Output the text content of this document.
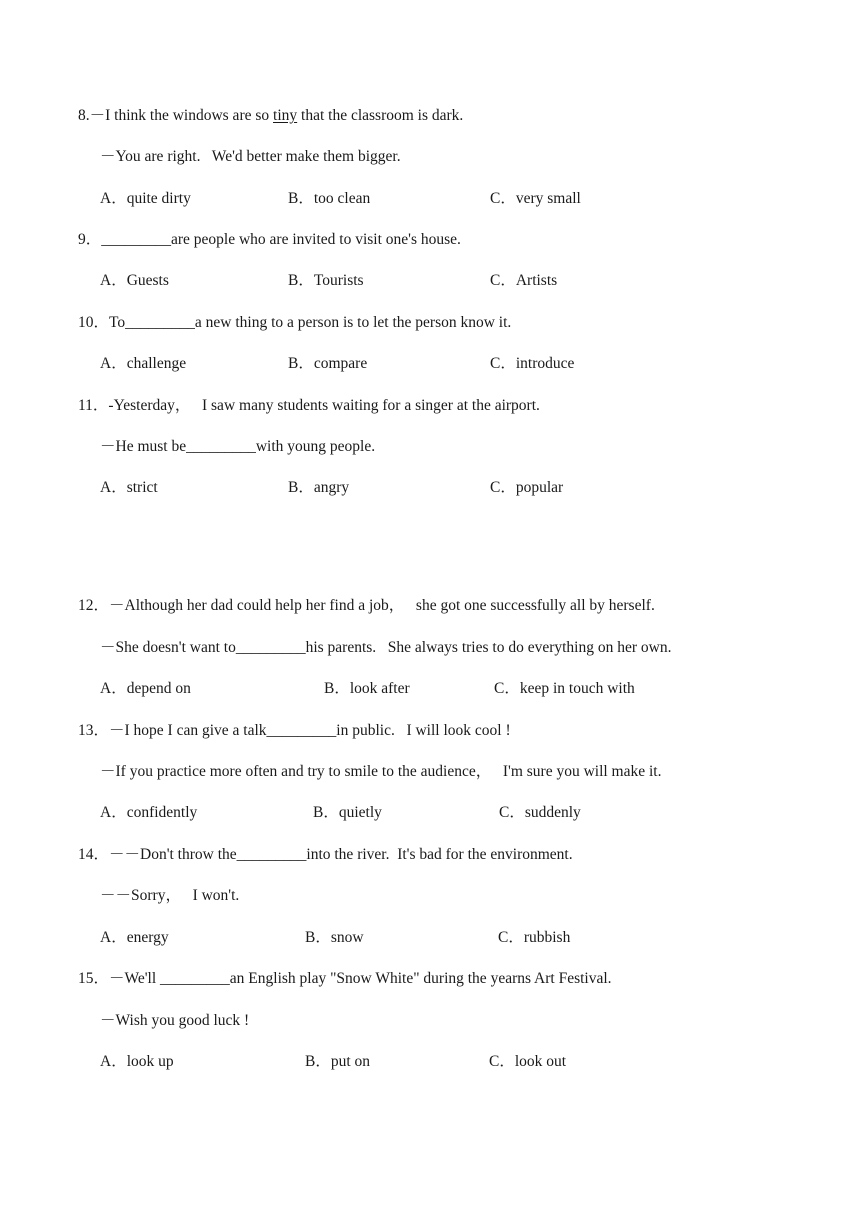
8.－I think the windows are so tiny that the classroom is dark.
－You are right.   We'd better make them bigger.
A．quite dirty	B．too clean	C．very small
9．_________are people who are invited to visit one's house.
A．Guests	B．Tourists	C．Artists
10．To_________a new thing to a person is to let the person know it.
A．challenge	B．compare	C．introduce
11．-Yesterday，   I saw many students waiting for a singer at the airport.
－He must be_________with young people.
A．strict	B．angry	C．popular
12．－Although her dad could help her find a job，   she got one successfully all by herself.
－She doesn't want to_________his parents.   She always tries to do everything on her own.
A．depend on	B．look after	C．keep in touch with
13．－I hope I can give a talk_________in public.   I will look cool !
－If you practice more often and try to smile to the audience，   I'm sure you will make it.
A．confidently	B．quietly	C．suddenly
14．－－Don't throw the_________into the river.  It's bad for the environment.
－－Sorry，   I won't.
A．energy	B．snow	C．rubbish
15．－We'll _________an English play "Snow White" during the yearns Art Festival.
－Wish you good luck !
A．look up	B．put on	C．look out
